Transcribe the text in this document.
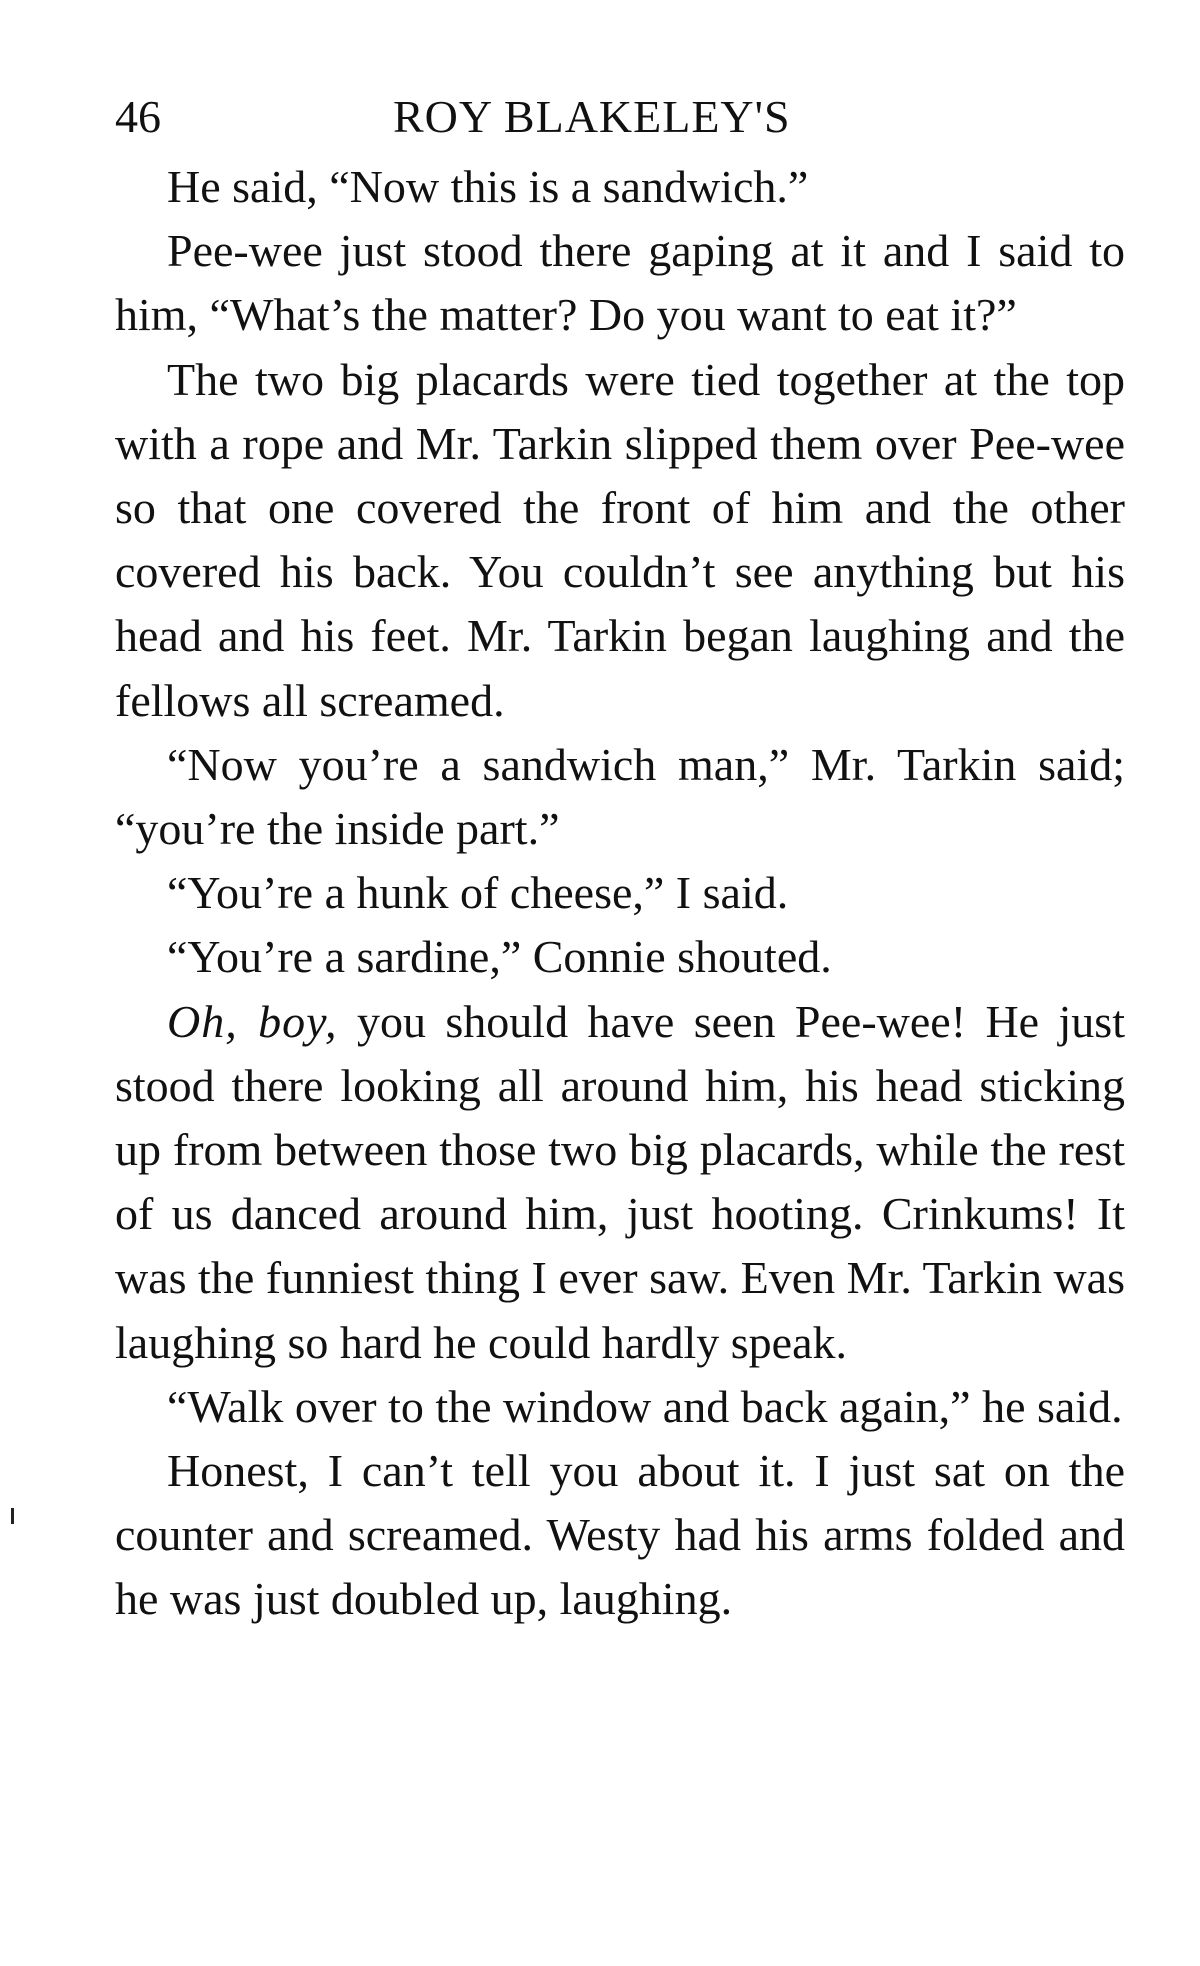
46	ROY BLAKELEY'S

He said, “Now this is a sandwich.”

Pee-wee just stood there gaping at it and I said to him, “What’s the matter? Do you want to eat it?”

The two big placards were tied together at the top with a rope and Mr. Tarkin slipped them over Pee-wee so that one covered the front of him and the other covered his back. You couldn’t see anything but his head and his feet. Mr. Tarkin began laughing and the fellows all screamed.

“Now you’re a sandwich man,” Mr. Tarkin said; “you’re the inside part.”

“You’re a hunk of cheese,” I said.

“You’re a sardine,” Connie shouted.

Oh, boy, you should have seen Pee-wee! He just stood there looking all around him, his head sticking up from between those two big placards, while the rest of us danced around him, just hooting. Crinkums! It was the funniest thing I ever saw. Even Mr. Tarkin was laughing so hard he could hardly speak.

“Walk over to the window and back again,” he said.

Honest, I can’t tell you about it. I just sat on the counter and screamed. Westy had his arms folded and he was just doubled up, laughing.
